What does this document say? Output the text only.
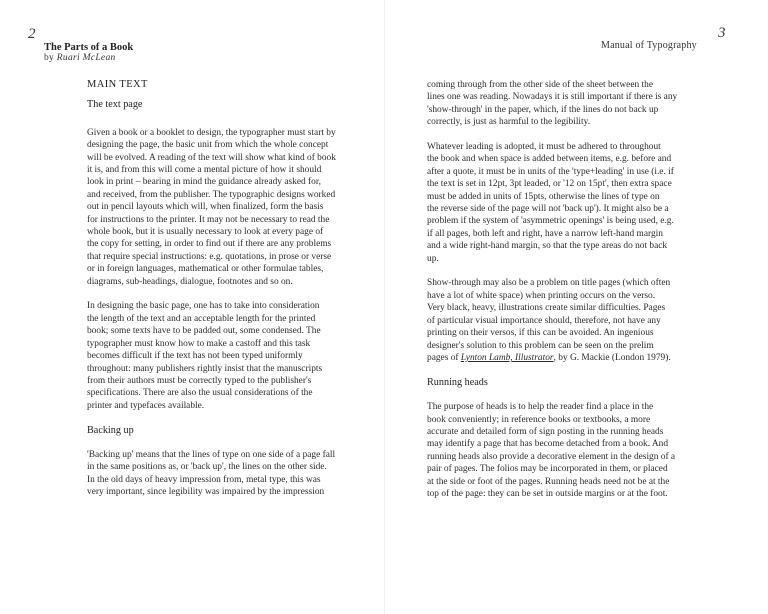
2	3
The Parts of a Book
by Ruari McLean
Manual of Typography
MAIN TEXT
The text page

Given a book or a booklet to design, the typographer must start by
designing the page, the basic unit from which the whole concept
will be evolved. A reading of the text will show what kind of book
it is, and from this will come a mental picture of how it should
look in print – bearing in mind the guidance already asked for,
and received, from the publisher. The typographic designs worked
out in pencil layouts which will, when finalized, form the basis
for instructions to the printer. It may not be necessary to read the
whole book, but it is usually necessary to look at every page of
the copy for setting, in order to find out if there are any problems
that require special instructions: e.g. quotations, in prose or verse
or in foreign languages, mathematical or other formulae tables,
diagrams, sub-headings, dialogue, footnotes and so on.

In designing the basic page, one has to take into consideration
the length of the text and an acceptable length for the printed
book; some texts have to be padded out, some condensed. The
typographer must know how to make a castoff and this task
becomes difficult if the text has not been typed uniformly
throughout: many publishers rightly insist that the manuscripts
from their authors must be correctly typed to the publisher's
specifications. There are also the usual considerations of the
printer and typefaces available.

Backing up

'Backing up' means that the lines of type on one side of a page fall
in the same positions as, or 'back up', the lines on the other side.
In the old days of heavy impression from, metal type, this was
very important, since legibility was impaired by the impression

coming through from the other side of the sheet between the
lines one was reading. Nowadays it is still important if there is any
'show-through' in the paper, which, if the lines do not back up
correctly, is just as harmful to the legibility.

Whatever leading is adopted, it must be adhered to throughout
the book and when space is added between items, e.g. before and
after a quote, it must be in units of the 'type+leading' in use (i.e. if
the text is set in 12pt, 3pt leaded, or '12 on 15pt', then extra space
must be added in units of 15pts, otherwise the lines of type on
the reverse side of the page will not 'back up'). It might also be a
problem if the system of 'asymmetric openings' is being used, e.g.
if all pages, both left and right, have a narrow left-hand margin
and a wide right-hand margin, so that the type areas do not back
up.

Show-through may also be a problem on title pages (which often
have a lot of white space) when printing occurs on the verso.
Very black, heavy, illustrations create similar difficulties. Pages
of particular visual importance should, therefore, not have any
printing on their versos, if this can be avoided. An ingenious
designer's solution to this problem can be seen on the prelim
pages of Lynton Lamb, Illustrator, by G. Mackie (London 1979).

Running heads

The purpose of heads is to help the reader find a place in the
book conveniently; in reference books or textbooks, a more
accurate and detailed form of sign posting in the running heads
may identify a page that has become detached from a book. And
running heads also provide a decorative element in the design of a
pair of pages. The folios may be incorporated in them, or placed
at the side or foot of the pages. Running heads need not be at the
top of the page: they can be set in outside margins or at the foot.
